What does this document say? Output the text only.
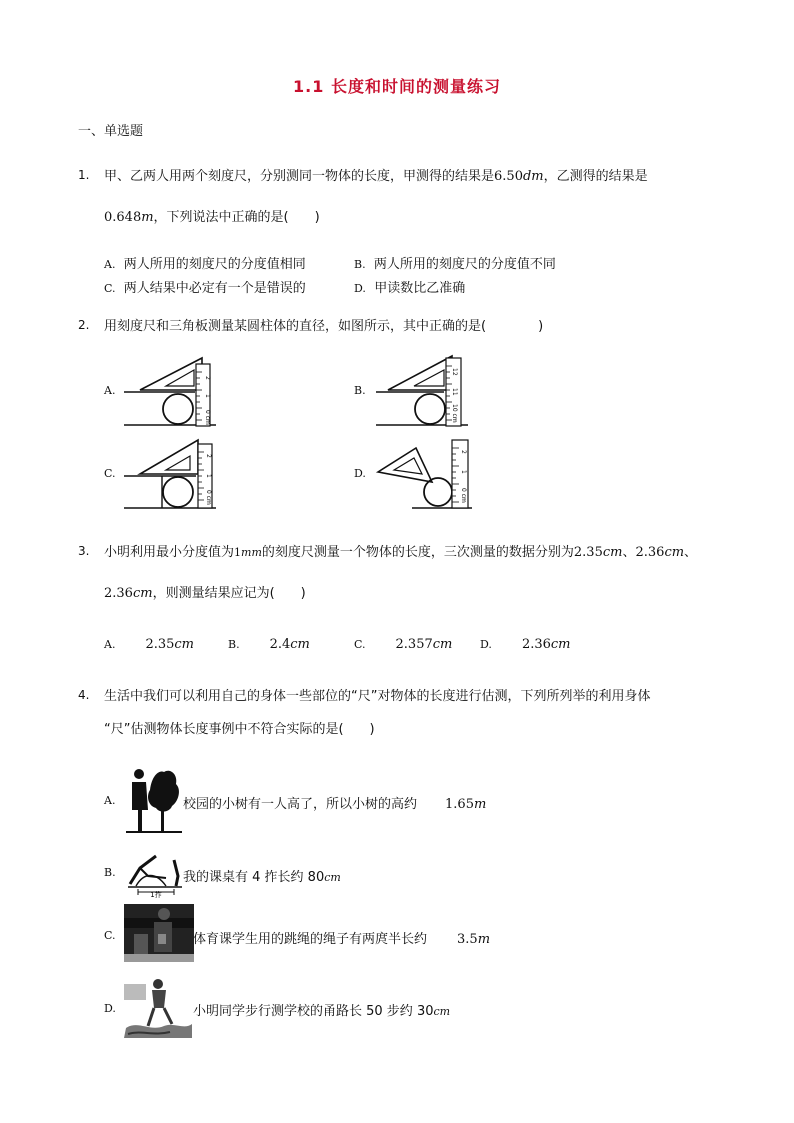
1.1 长度和时间的测量练习
一、单选题
1. 甲、乙两人用两个刻度尺，分别测同一物体的长度，甲测得的结果是6.50dm，乙测得的结果是
0.648m，下列说法中正确的是(　　)
A. 两人所用的刻度尺的分度值相同	B. 两人所用的刻度尺的分度值不同
C. 两人结果中必定有一个是错误的	D. 甲读数比乙准确
2. 用刻度尺和三角板测量某圆柱体的直径，如图所示，其中正确的是(　　　　)
A.
2
1
0 cm
B.
12
11
10 cm
C.
2
1
0 cm
D.
2
1
0 cm
3. 小明利用最小分度值为1mm的刻度尺测量一个物体的长度，三次测量的数据分别为2.35cm、2.36cm、
2.36cm，则测量结果应记为(　　)
A. 2.35cm	B. 2.4cm	C. 2.357cm	D. 2.36cm
4. 生活中我们可以利用自己的身体一些部位的“尺”对物体的长度进行估测，下列所列举的利用身体
“尺”估测物体长度事例中不符合实际的是(　　)
A.	校园的小树有一人高了，所以小树的高约 1.65m
B.
1拃
我的课桌有 4 拃长约 80cm
C.	体育课学生用的跳绳的绳子有两庹半长约 3.5m
D.	小明同学步行测学校的甬路长 50 步约 30cm
